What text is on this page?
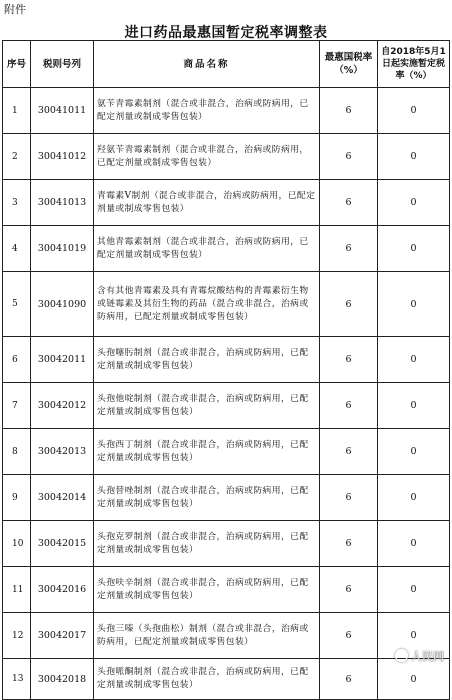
附件
进口药品最惠国暂定税率调整表
序号	税则号列	商品名称	最惠国税率（%）	自2018年5月1日起实施暂定税率（%）
1	30041011	氨苄青霉素制剂（混合或非混合，治病或防病用，已配定剂量或制成零售包装）	6	0
2	30041012	羟氨苄青霉素制剂（混合或非混合，治病或防病用，已配定剂量或制成零售包装）	6	0
3	30041013	青霉素V制剂（混合或非混合，治病或防病用，已配定剂量或制成零售包装）	6	0
4	30041019	其他青霉素制剂（混合或非混合，治病或防病用，已配定剂量或制成零售包装）	6	0
5	30041090	含有其他青霉素及具有青霉烷酸结构的青霉素衍生物或链霉素及其衍生物的药品（混合或非混合，治病或防病用，已配定剂量或制成零售包装）	6	0
6	30042011	头孢噻肟制剂（混合或非混合，治病或防病用，已配定剂量或制成零售包装）	6	0
7	30042012	头孢他啶制剂（混合或非混合，治病或防病用，已配定剂量或制成零售包装）	6	0
8	30042013	头孢西丁制剂（混合或非混合，治病或防病用，已配定剂量或制成零售包装）	6	0
9	30042014	头孢替唑制剂（混合或非混合，治病或防病用，已配定剂量或制成零售包装）	6	0
10	30042015	头孢克罗制剂（混合或非混合，治病或防病用，已配定剂量或制成零售包装）	6	0
11	30042016	头孢呋辛制剂（混合或非混合，治病或防病用，已配定剂量或制成零售包装）	6	0
12	30042017	头孢三嗪（头孢曲松）制剂（混合或非混合，治病或防病用，已配定剂量或制成零售包装）	6	0
13	30042018	头孢哌酮制剂（混合或非混合，治病或防病用，已配定剂量或制成零售包装）	6	0
人民网
